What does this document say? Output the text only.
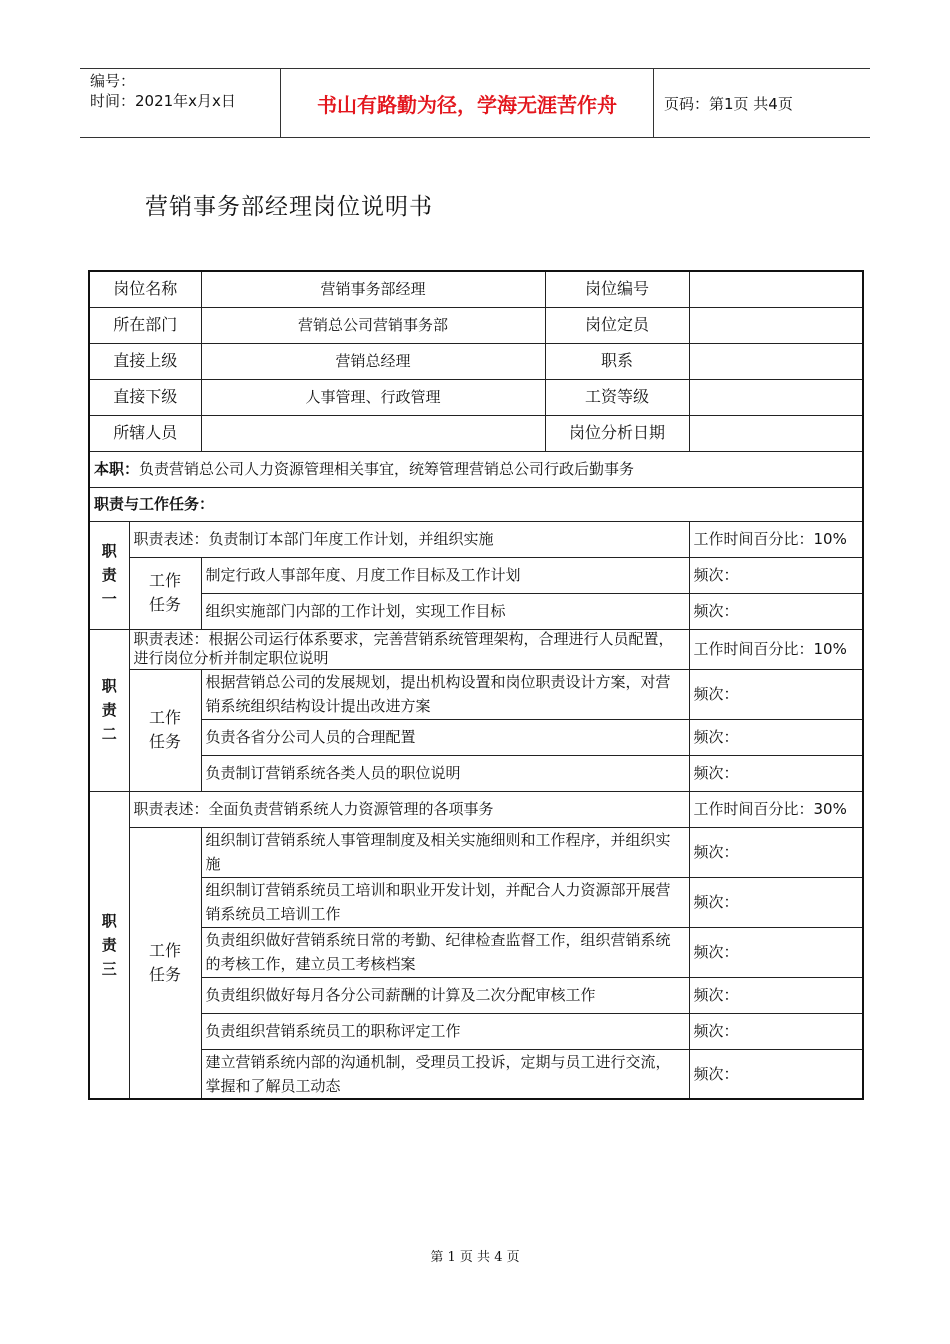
编号：
时间：2021年x月x日	书山有路勤为径，学海无涯苦作舟	页码：第1页 共4页
营销事务部经理岗位说明书
岗位名称		营销事务部经理	岗位编号	
所在部门		营销总公司营销事务部	岗位定员	
直接上级		营销总经理	职系	
直接下级		人事管理、行政管理	工资等级	
所辖人员			岗位分析日期	
本职：负责营销总公司人力资源管理相关事宜，统筹管理营销总公司行政后勤事务				
职责与工作任务：				

职责一	职责表述：负责制订本部门年度工作计划，并组织实施			工作时间百分比：10%

	工作任务	制定行政人事部年度、月度工作目标及工作计划		频次：
		组织实施部门内部的工作计划，实现工作目标		频次：

职责二	职责表述：根据公司运行体系要求，完善营销系统管理架构，合理进行人员配置，进行岗位分析并制定职位说明			工作时间百分比：10%

	工作任务	根据营销总公司的发展规划，提出机构设置和岗位职责设计方案，对营销系统组织结构设计提出改进方案		频次：
		负责各省分公司人员的合理配置		频次：
		负责制订营销系统各类人员的职位说明		频次：

职责三	职责表述：全面负责营销系统人力资源管理的各项事务			工作时间百分比：30%

	工作任务	组织制订营销系统人事管理制度及相关实施细则和工作程序，并组织实施		频次：
		组织制订营销系统员工培训和职业开发计划，并配合人力资源部开展营销系统员工培训工作		频次：
		负责组织做好营销系统日常的考勤、纪律检查监督工作，组织营销系统的考核工作，建立员工考核档案		频次：
		负责组织做好每月各分公司薪酬的计算及二次分配审核工作		频次：
		负责组织营销系统员工的职称评定工作		频次：
		建立营销系统内部的沟通机制，受理员工投诉，定期与员工进行交流，掌握和了解员工动态		频次：
第 1 页 共 4 页
